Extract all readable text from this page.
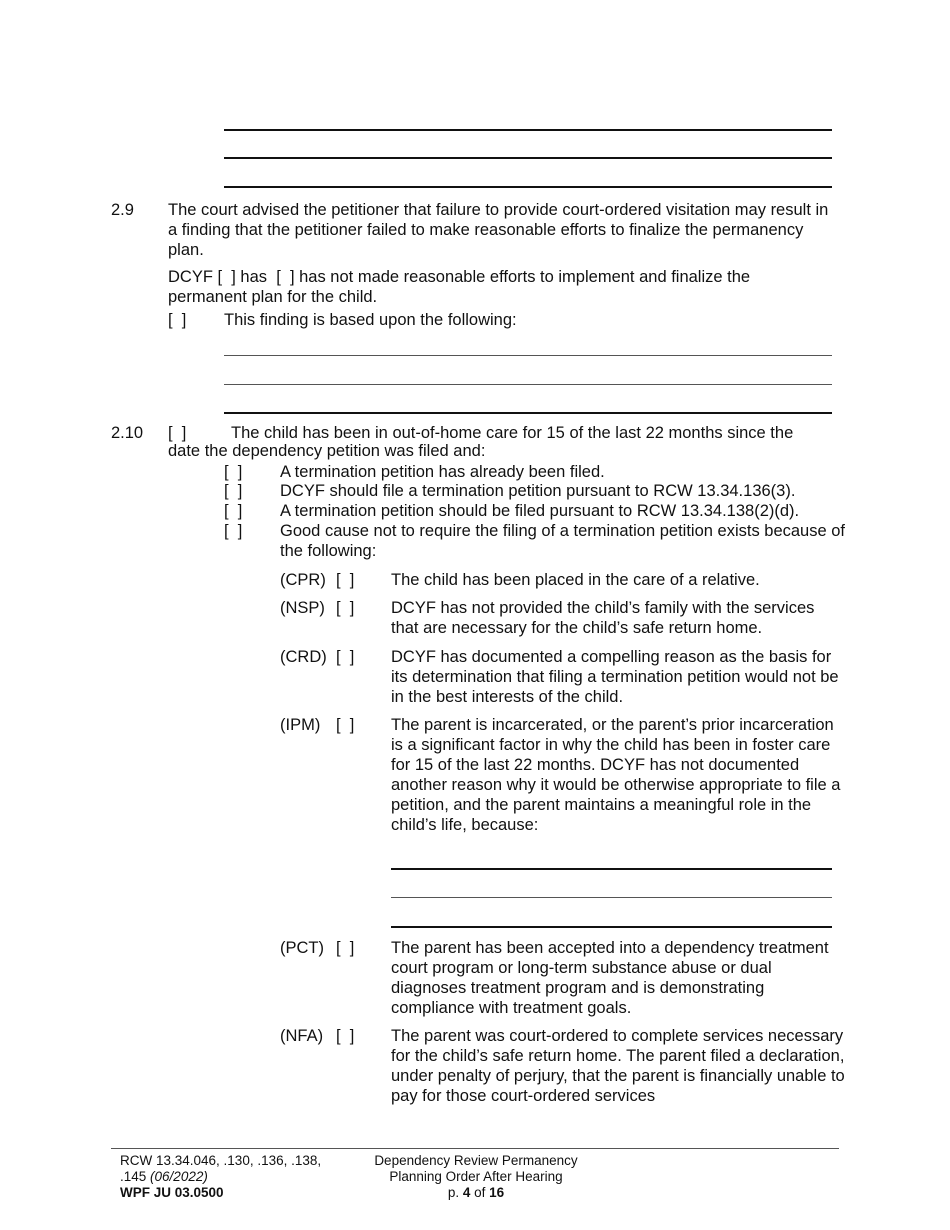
2.9 The court advised the petitioner that failure to provide court-ordered visitation may result in a finding that the petitioner failed to make reasonable efforts to finalize the permanency plan.
DCYF [  ] has  [  ] has not made reasonable efforts to implement and finalize the
permanent plan for the child.
[  ] This finding is based upon the following:
2.10 [  ]	The child has been in out-of-home care for 15 of the last 22 months since the
date the dependency petition was filed and:
[  ] A termination petition has already been filed.
[  ] DCYF should file a termination petition pursuant to RCW 13.34.136(3).
[  ] A termination petition should be filed pursuant to RCW 13.34.138(2)(d).
[  ] Good cause not to require the filing of a termination petition exists because of the following:
(CPR) [  ] The child has been placed in the care of a relative.
(NSP) [  ] DCYF has not provided the child’s family with the services that are necessary for the child’s safe return home.
(CRD) [  ] DCYF has documented a compelling reason as the basis for its determination that filing a termination petition would not be in the best interests of the child.
(IPM) [  ] The parent is incarcerated, or the parent’s prior incarceration is a significant factor in why the child has been in foster care for 15 of the last 22 months. DCYF has not documented another reason why it would be otherwise appropriate to file a petition, and the parent maintains a meaningful role in the child’s life, because:
(PCT) [  ] The parent has been accepted into a dependency treatment court program or long-term substance abuse or dual diagnoses treatment program and is demonstrating compliance with treatment goals.
(NFA) [  ] The parent was court-ordered to complete services necessary for the child’s safe return home. The parent filed a declaration, under penalty of perjury, that the parent is financially unable to pay for those court-ordered services
RCW 13.34.046, .130, .136, .138,
.145 (06/2022)
WPF JU 03.0500
Dependency Review Permanency
Planning Order After Hearing
p. 4 of 16
